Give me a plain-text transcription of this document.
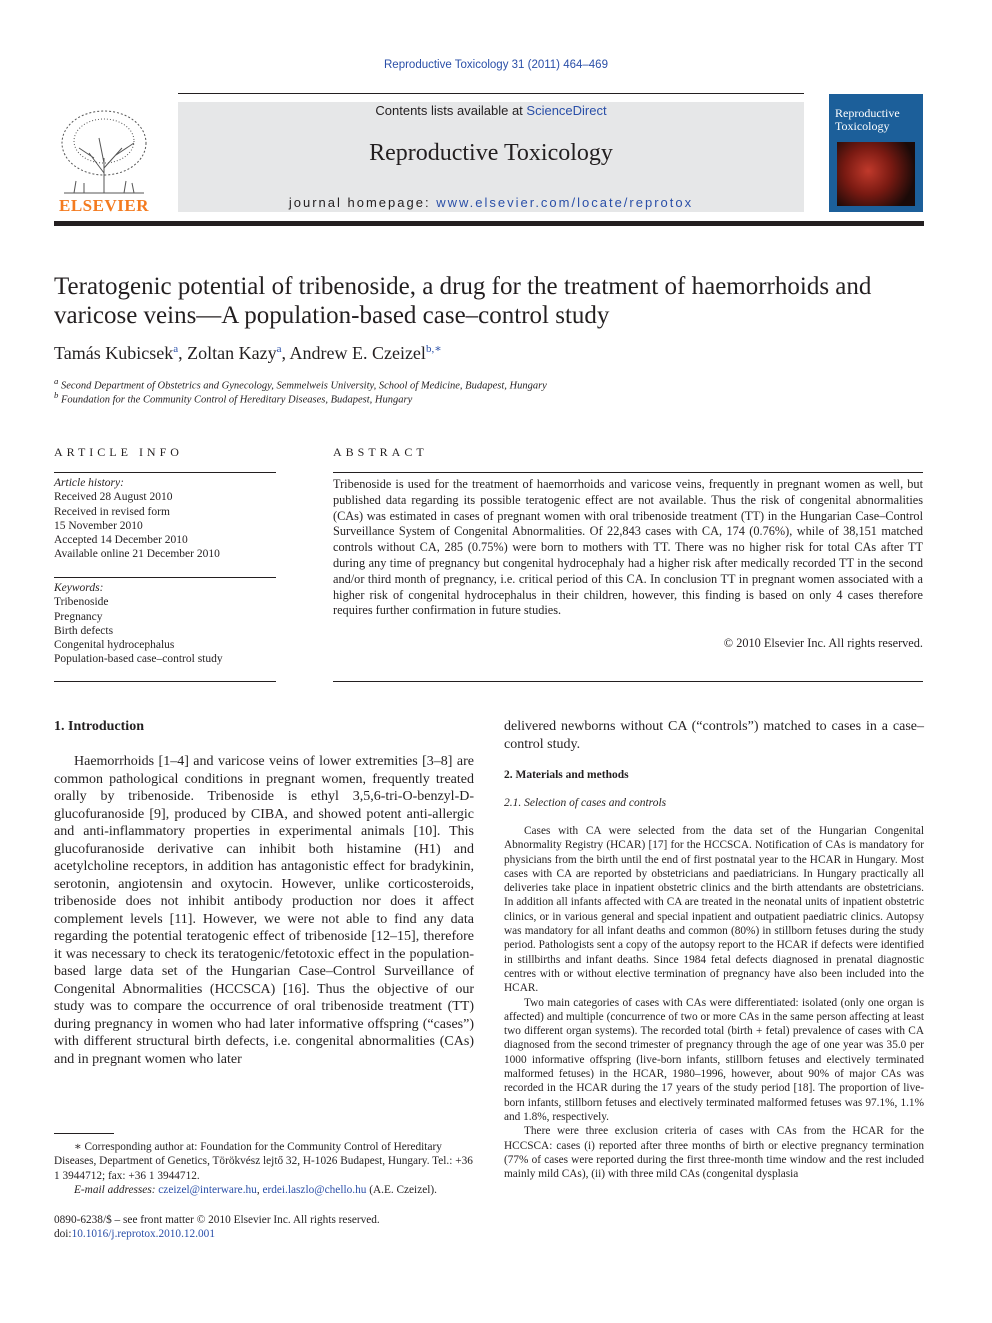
Reproductive Toxicology 31 (2011) 464–469
Contents lists available at ScienceDirect
Reproductive Toxicology
journal homepage: www.elsevier.com/locate/reprotox
ELSEVIER
Reproductive
Toxicology
Teratogenic potential of tribenoside, a drug for the treatment of haemorrhoids and varicose veins—A population-based case–control study
Tamás Kubicsek$^a$, Zoltan Kazy$^a$, Andrew E. Czeizel$^{b,∗}$
$^a$ Second Department of Obstetrics and Gynecology, Semmelweis University, School of Medicine, Budapest, Hungary
$^b$ Foundation for the Community Control of Hereditary Diseases, Budapest, Hungary
ARTICLE INFO
Article history:
Received 28 August 2010
Received in revised form
15 November 2010
Accepted 14 December 2010
Available online 21 December 2010
Keywords:
Tribenoside
Pregnancy
Birth defects
Congenital hydrocephalus
Population-based case–control study
ABSTRACT
Tribenoside is used for the treatment of haemorrhoids and varicose veins, frequently in pregnant women as well, but published data regarding its possible teratogenic effect are not available. Thus the risk of congenital abnormalities (CAs) was estimated in cases of pregnant women with oral tribenoside treatment (TT) in the Hungarian Case–Control Surveillance System of Congenital Abnormalities. Of 22,843 cases with CA, 174 (0.76%), while of 38,151 matched controls without CA, 285 (0.75%) were born to mothers with TT. There was no higher risk for total CAs after TT during any time of pregnancy but congenital hydrocephaly had a higher risk after medically recorded TT in the second and/or third month of pregnancy, i.e. critical period of this CA. In conclusion TT in pregnant women associated with a higher risk of congenital hydrocephalus in their children, however, this finding is based on only 4 cases therefore requires further confirmation in future studies.
© 2010 Elsevier Inc. All rights reserved.
1. Introduction

Haemorrhoids [1–4] and varicose veins of lower extremities [3–8] are common pathological conditions in pregnant women, frequently treated orally by tribenoside. Tribenoside is ethyl 3,5,6-tri-O-benzyl-D-glucofuranoside [9], produced by CIBA, and showed potent anti-allergic and anti-inflammatory properties in experimental animals [10]. This glucofuranoside derivative can inhibit both histamine (H1) and acetylcholine receptors, in addition has antagonistic effect for bradykinin, serotonin, angiotensin and oxytocin. However, unlike corticosteroids, tribenoside does not inhibit antibody production nor does it affect complement levels [11]. However, we were not able to find any data regarding the potential teratogenic effect of tribenoside [12–15], therefore it was necessary to check its teratogenic/fetotoxic effect in the population-based large data set of the Hungarian Case–Control Surveillance of Congenital Abnormalities (HCCSCA) [16]. Thus the objective of our study was to compare the occurrence of oral tribenoside treatment (TT) during pregnancy in women who had later informative offspring (“cases”) with different structural birth defects, i.e. congenital abnormalities (CAs) and in pregnant women who later

∗ Corresponding author at: Foundation for the Community Control of Hereditary Diseases, Department of Genetics, Törökvész lejtő 32, H-1026 Budapest, Hungary. Tel.: +36 1 3944712; fax: +36 1 3944712.

E-mail addresses: czeizel@interware.hu, erdei.laszlo@chello.hu (A.E. Czeizel).

0890-6238/$ – see front matter © 2010 Elsevier Inc. All rights reserved.

doi:10.1016/j.reprotox.2010.12.001

delivered newborns without CA (“controls”) matched to cases in a case–control study.
2. Materials and methods
2.1. Selection of cases and controls

Cases with CA were selected from the data set of the Hungarian Congenital Abnormality Registry (HCAR) [17] for the HCCSCA. Notification of CAs is mandatory for physicians from the birth until the end of first postnatal year to the HCAR in Hungary. Most cases with CA are reported by obstetricians and paediatricians. In Hungary practically all deliveries take place in inpatient obstetric clinics and the birth attendants are obstetricians. In addition all infants affected with CA are treated in the neonatal units of inpatient obstetric clinics, or in various general and special inpatient and outpatient paediatric clinics. Autopsy was mandatory for all infant deaths and common (80%) in stillborn fetuses during the study period. Pathologists sent a copy of the autopsy report to the HCAR if defects were identified in stillbirths and infant deaths. Since 1984 fetal defects diagnosed in prenatal diagnostic centres with or without elective termination of pregnancy have also been included into the HCAR.

Two main categories of cases with CAs were differentiated: isolated (only one organ is affected) and multiple (concurrence of two or more CAs in the same person affecting at least two different organ systems). The recorded total (birth + fetal) prevalence of cases with CA diagnosed from the second trimester of pregnancy through the age of one year was 35.0 per 1000 informative offspring (live-born infants, stillborn fetuses and electively terminated malformed fetuses) in the HCAR, 1980–1996, however, about 90% of major CAs was recorded in the HCAR during the 17 years of the study period [18]. The proportion of live-born infants, stillborn fetuses and electively terminated malformed fetuses was 97.1%, 1.1% and 1.8%, respectively.

There were three exclusion criteria of cases with CAs from the HCAR for the HCCSCA: cases (i) reported after three months of birth or elective pregnancy termination (77% of cases were reported during the first three-month time window and the rest included mainly mild CAs), (ii) with three mild CAs (congenital dysplasia
